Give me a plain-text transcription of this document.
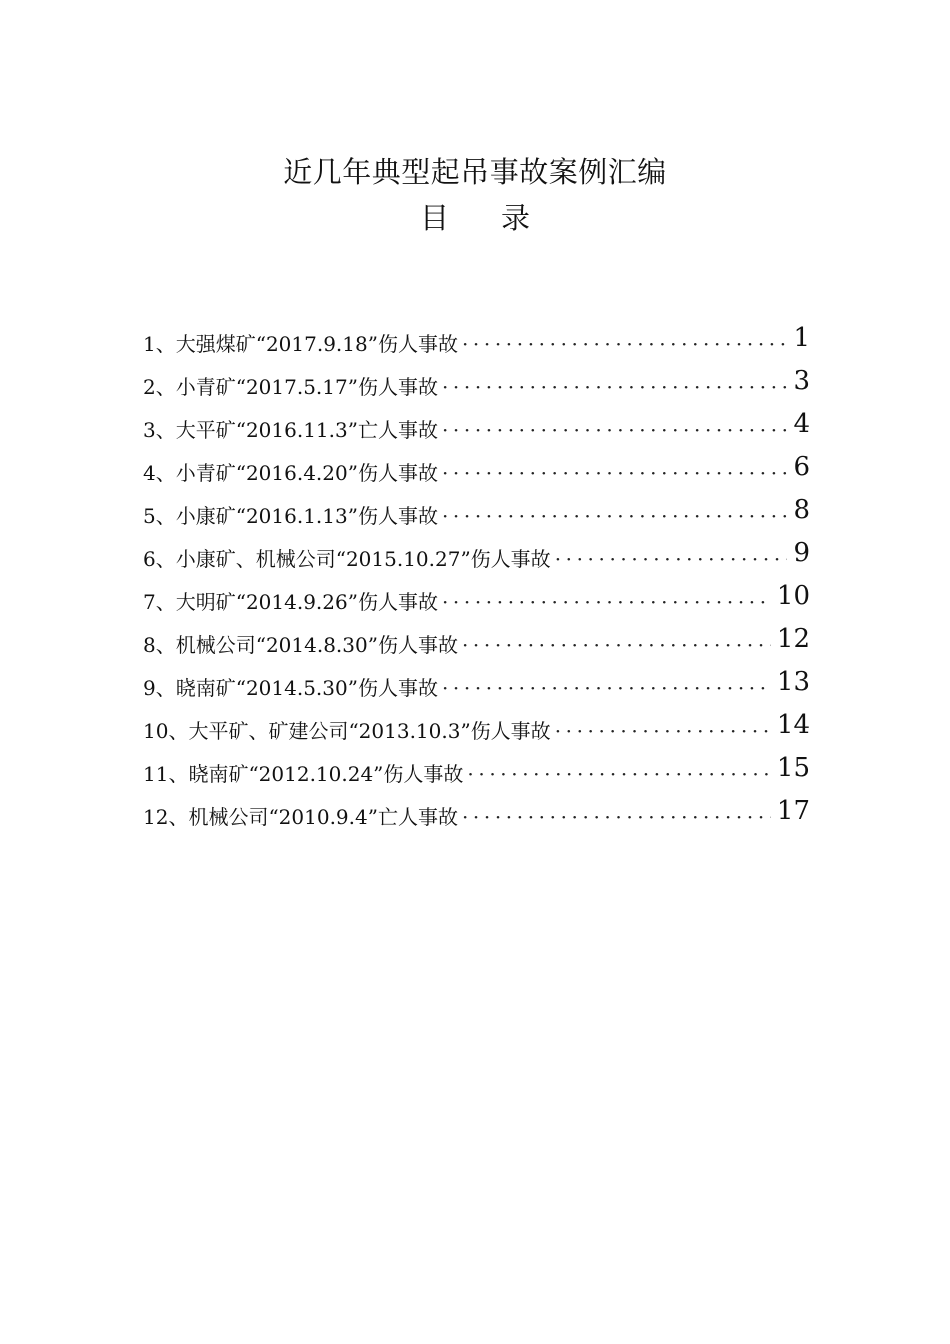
近几年典型起吊事故案例汇编
目录
1、大强煤矿“2017.9.18”伤人事故 ·····	1
2、小青矿“2017.5.17”伤人事故 ·····	3
3、大平矿“2016.11.3”亡人事故 ·····	4
4、小青矿“2016.4.20”伤人事故 ·····	6
5、小康矿“2016.1.13”伤人事故 ·····	8
6、小康矿、机械公司“2015.10.27”伤人事故 ·····	9
7、大明矿“2014.9.26”伤人事故 ·····	10
8、机械公司“2014.8.30”伤人事故 ·····	12
9、晓南矿“2014.5.30”伤人事故 ·····	13
10、大平矿、矿建公司“2013.10.3”伤人事故 ·····	14
11、晓南矿“2012.10.24”伤人事故 ·····	15
12、机械公司“2010.9.4”亡人事故 ·····	17
